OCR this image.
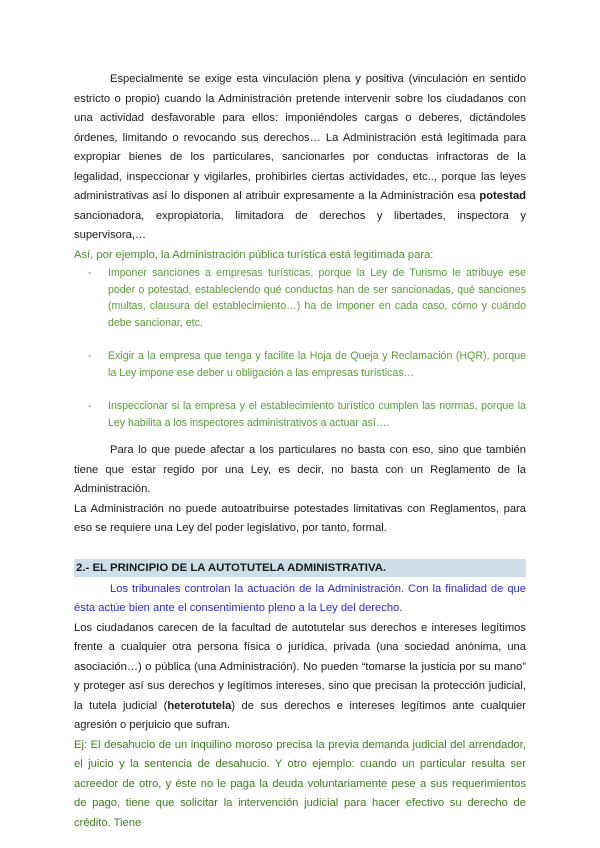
Especialmente se exige esta vinculación plena y positiva (vinculación en sentido estricto o propio) cuando la Administración pretende intervenir sobre los ciudadanos con una actividad desfavorable para ellos: imponiéndoles cargas o deberes, dictándoles órdenes, limitando o revocando sus derechos… La Administración está legitimada para expropiar bienes de los particulares, sancionarles por conductas infractoras de la legalidad, inspeccionar y vigilarles, prohibirles ciertas actividades, etc.., porque las leyes administrativas así lo disponen al atribuir expresamente a la Administración esa potestad sancionadora, expropiatoria, limitadora de derechos y libertades, inspectora y supervisora,…

Así, por ejemplo, la Administración pública turística está legitimada para:

- Imponer sanciones a empresas turísticas, porque la Ley de Turismo le atribuye ese poder o potestad, estableciendo qué conductas han de ser sancionadas, qué sanciones (multas, clausura del establecimiento…) ha de imponer en cada caso, cómo y cuándo debe sancionar, etc.
- Exigir a la empresa que tenga y facilite la Hoja de Queja y Reclamación (HQR), porque la Ley impone ese deber u obligación a las empresas turísticas…
- Inspeccionar si la empresa y el establecimiento turístico cumplen las normas, porque la Ley habilita a los inspectores administrativos a actuar así….

Para lo que puede afectar a los particulares no basta con eso, sino que también tiene que estar regido por una Ley, es decir, no basta con un Reglamento de la Administración.

La Administración no puede autoatribuirse potestades limitativas con Reglamentos, para eso se requiere una Ley del poder legislativo, por tanto, formal.

2.- EL PRINCIPIO DE LA AUTOTUTELA ADMINISTRATIVA.

Los tribunales controlan la actuación de la Administración. Con la finalidad de que ésta actúe bien ante el consentimiento pleno a la Ley del derecho.

Los ciudadanos carecen de la facultad de autotutelar sus derechos e intereses legítimos frente a cualquier otra persona física o jurídica, privada (una sociedad anónima, una asociación…) o pública (una Administración). No pueden “tomarse la justicia por su mano” y proteger así sus derechos y legítimos intereses, sino que precisan la protección judicial, la tutela judicial (heterotutela) de sus derechos e intereses legítimos ante cualquier agresión o perjuicio que sufran.

Ej: El desahucio de un inquilino moroso precisa la previa demanda judicial del arrendador, el juicio y la sentencia de desahucio. Y otro ejemplo: cuando un particular resulta ser acreedor de otro, y éste no le paga la deuda voluntariamente pese a sus requerimientos de pago, tiene que solicitar la intervención judicial para hacer efectivo su derecho de crédito. Tiene
